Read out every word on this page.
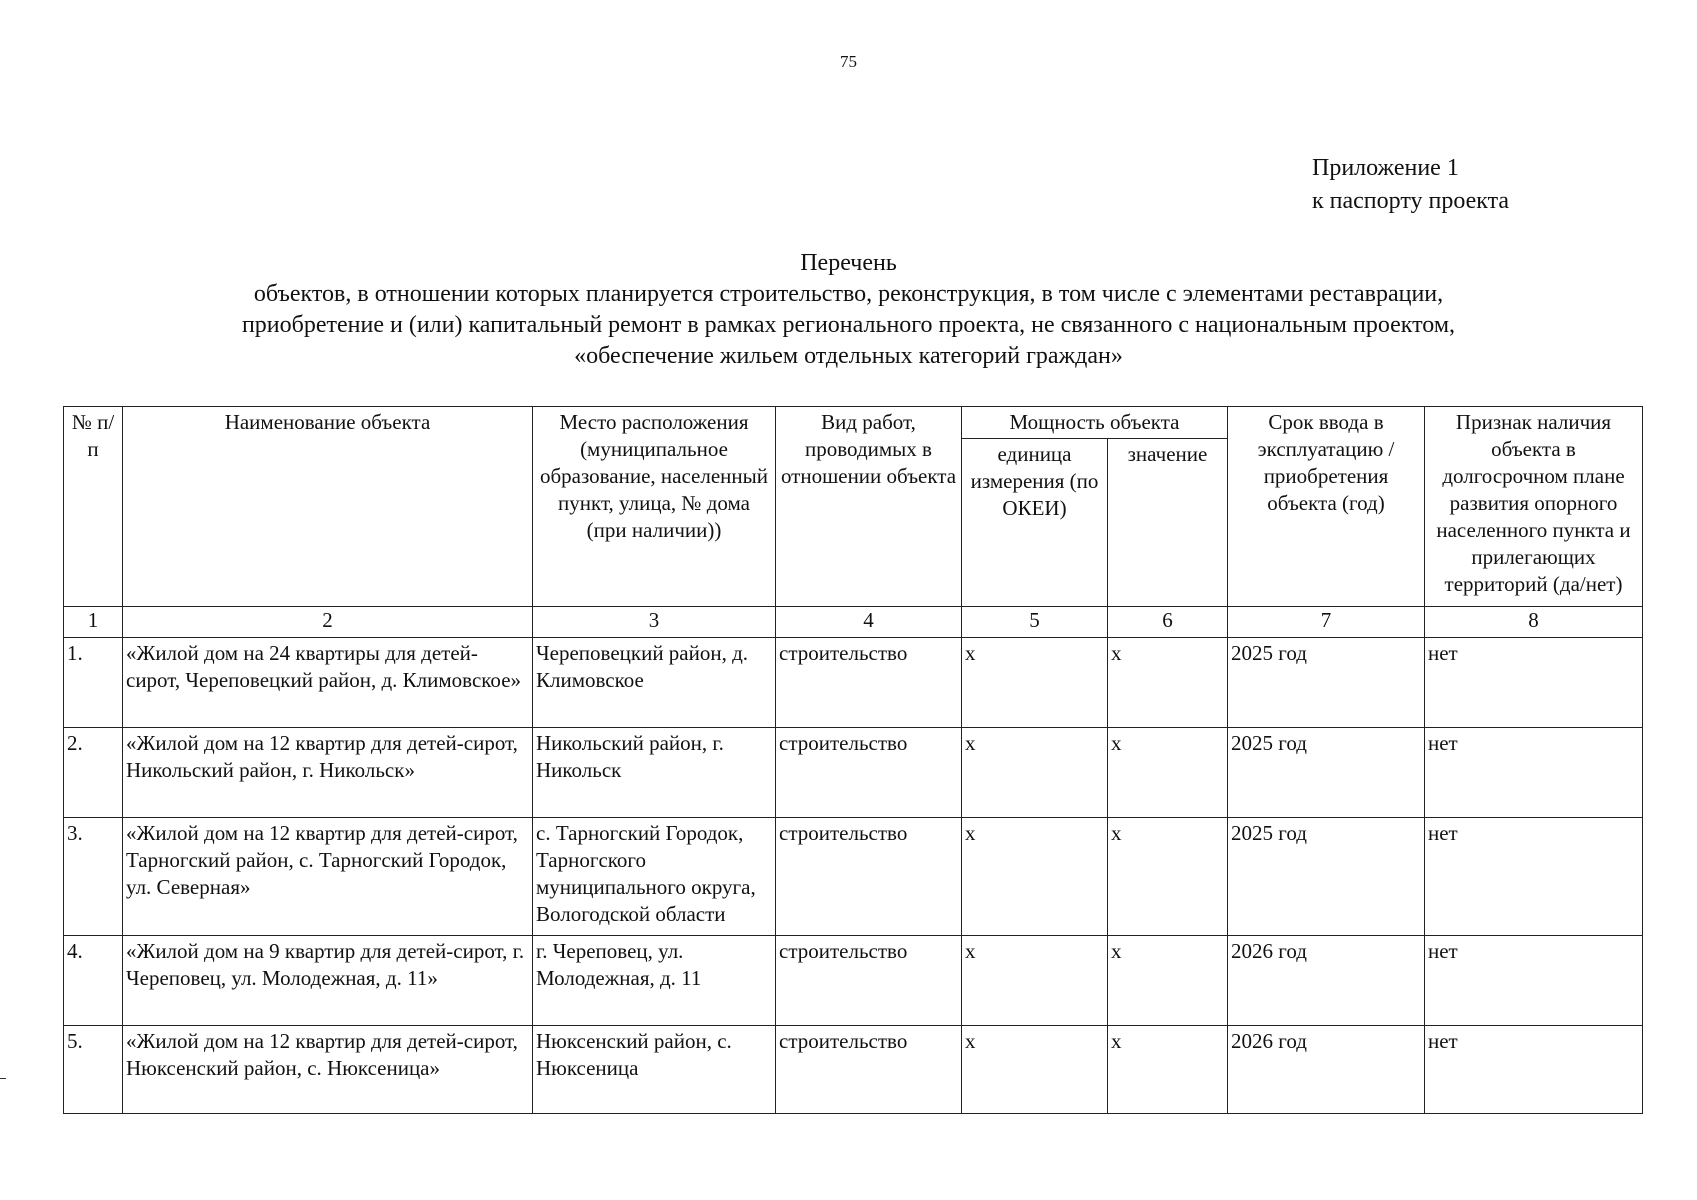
75
Приложение 1
к паспорту проекта
Перечень
объектов, в отношении которых планируется строительство, реконструкция, в том числе с элементами реставрации,
приобретение и (или) капитальный ремонт в рамках регионального проекта, не связанного с национальным проектом,
«обеспечение жильем отдельных категорий граждан»
№ п/п	Наименование объекта	Место расположения (муниципальное образование, населенный пункт, улица, № дома (при наличии))	Вид работ, проводимых в отношении объекта	Мощность объекта		Срок ввода в эксплуатацию / приобретения объекта (год)	Признак наличия объекта в долгосрочном плане развития опорного населенного пункта и прилегающих территорий (да/нет)
				единица измерения (по ОКЕИ)	значение		
1	2	3	4	5	6	7	8
1.	«Жилой дом на 24 квартиры для детей-сирот, Череповецкий район, д. Климовское»	Череповецкий район, д. Климовское	строительство	х	х	2025 год	нет
2.	«Жилой дом на 12 квартир для детей-сирот, Никольский район, г. Никольск»	Никольский район, г. Никольск	строительство	х	х	2025 год	нет
3.	«Жилой дом на 12 квартир для детей-сирот, Тарногский район, с. Тарногский Городок, ул. Северная»	с. Тарногский Городок, Тарногского муниципального округа, Вологодской области	строительство	х	х	2025 год	нет
4.	«Жилой дом на 9 квартир для детей-сирот, г. Череповец, ул. Молодежная, д. 11»	г. Череповец, ул. Молодежная, д. 11	строительство	х	х	2026 год	нет
5.	«Жилой дом на 12 квартир для детей-сирот, Нюксенский район, с. Нюксеница»	Нюксенский район, с. Нюксеница	строительство	х	х	2026 год	нет
